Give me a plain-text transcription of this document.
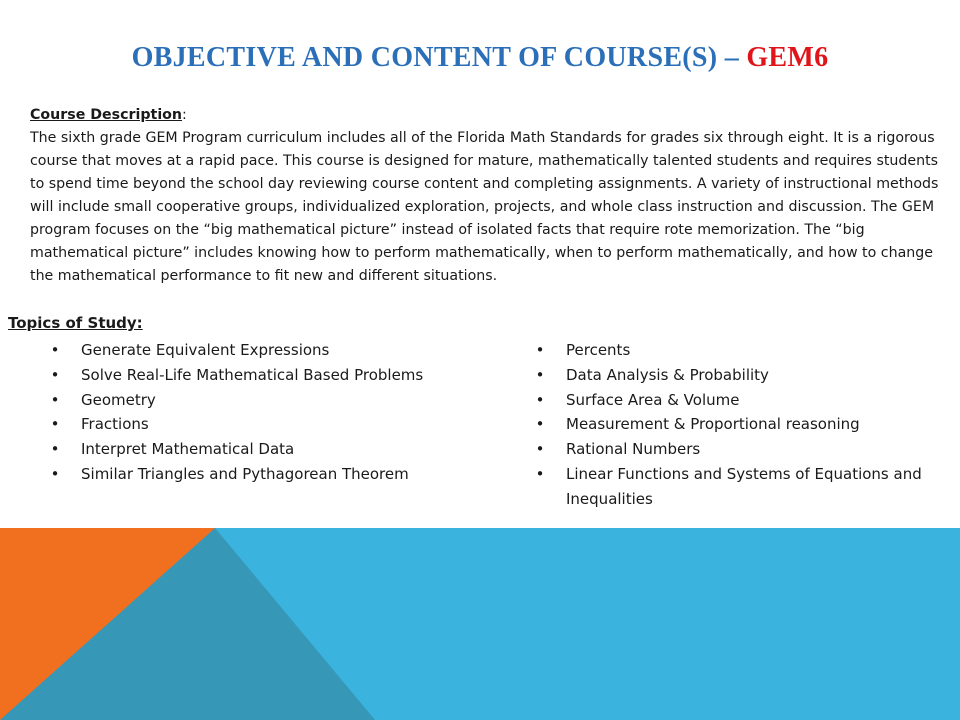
OBJECTIVE AND CONTENT OF COURSE(S) – GEM6
Course Description:
The sixth grade GEM Program curriculum includes all of the Florida Math Standards for grades six through eight. It is a rigorous course that moves at a rapid pace. This course is designed for mature, mathematically talented students and requires students to spend time beyond the school day reviewing course content and completing assignments. A variety of instructional methods will include small cooperative groups, individualized exploration, projects, and whole class instruction and discussion. The GEM program focuses on the “big mathematical picture” instead of isolated facts that require rote memorization. The “big mathematical picture” includes knowing how to perform mathematically, when to perform mathematically, and how to change the mathematical performance to fit new and different situations.
Topics of Study:
• Generate Equivalent Expressions
• Solve Real-Life Mathematical Based Problems
• Geometry
• Fractions
• Interpret Mathematical Data
• Similar Triangles and Pythagorean Theorem
• Percents
• Data Analysis & Probability
• Surface Area & Volume
• Measurement & Proportional reasoning
• Rational Numbers
• Linear Functions and Systems of Equations and Inequalities
